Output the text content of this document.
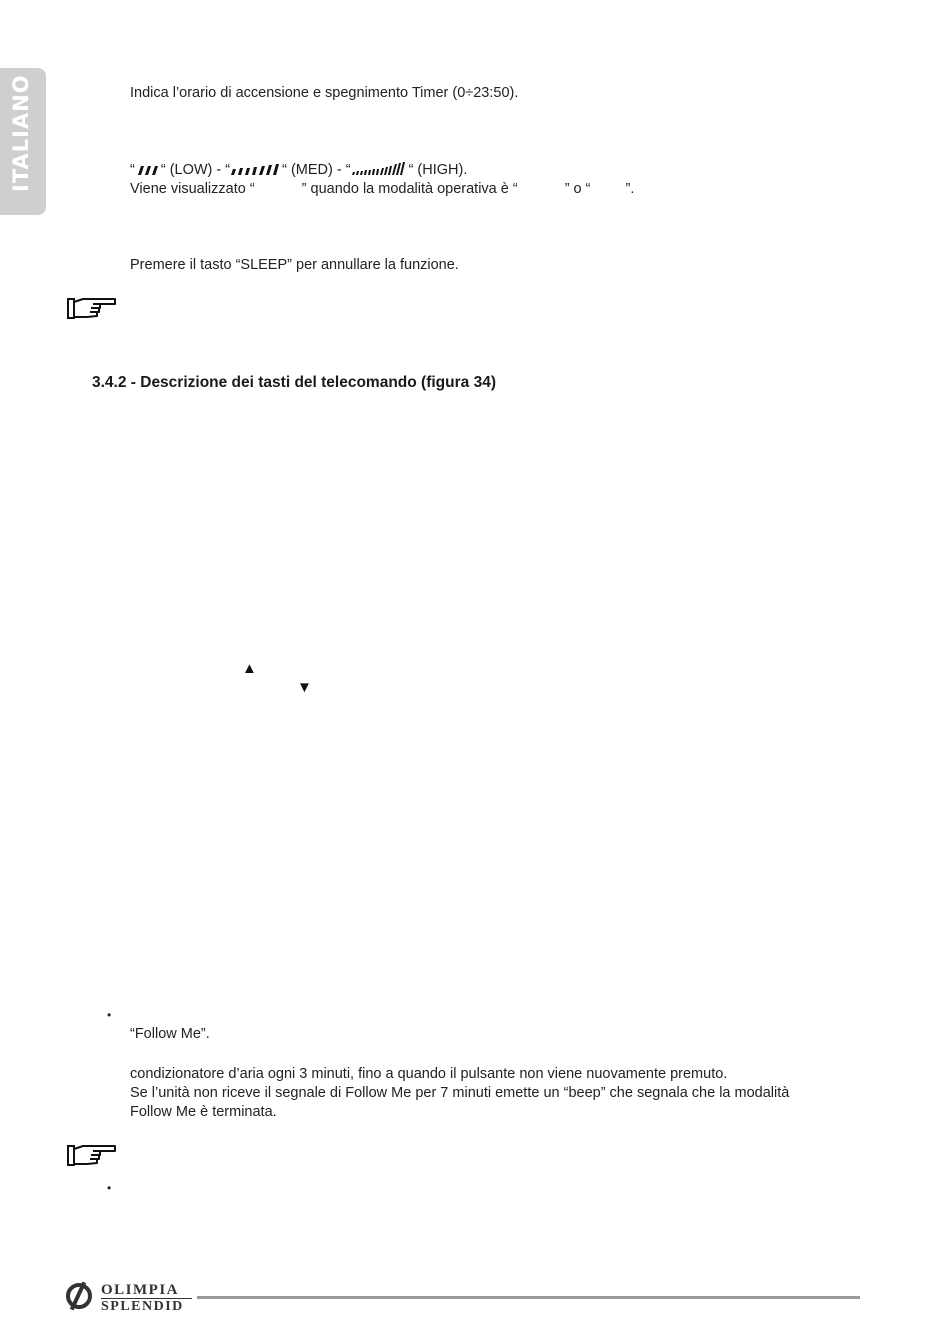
ITALIANO	Indica l’orario di accensione e spegnimento Timer (0÷23:50).
“ “ (LOW) - “	“ (MED) - “	“ (HIGH).
Viene visualizzato “	” quando la modalità operativa è “	” o “ ”.
Premere il tasto “SLEEP” per annullare la funzione.
3.4.2 - Descrizione dei tasti del telecomando (figura 34)
▲
▼
•
“Follow Me”.
condizionatore d’aria ogni 3 minuti, fino a quando il pulsante non viene nuovamente premuto.
Se l’unità non riceve il segnale di Follow Me per 7 minuti emette un “beep” che segnala che la modalità
Follow Me è terminata.
•
OLIMPIA
SPLENDID
